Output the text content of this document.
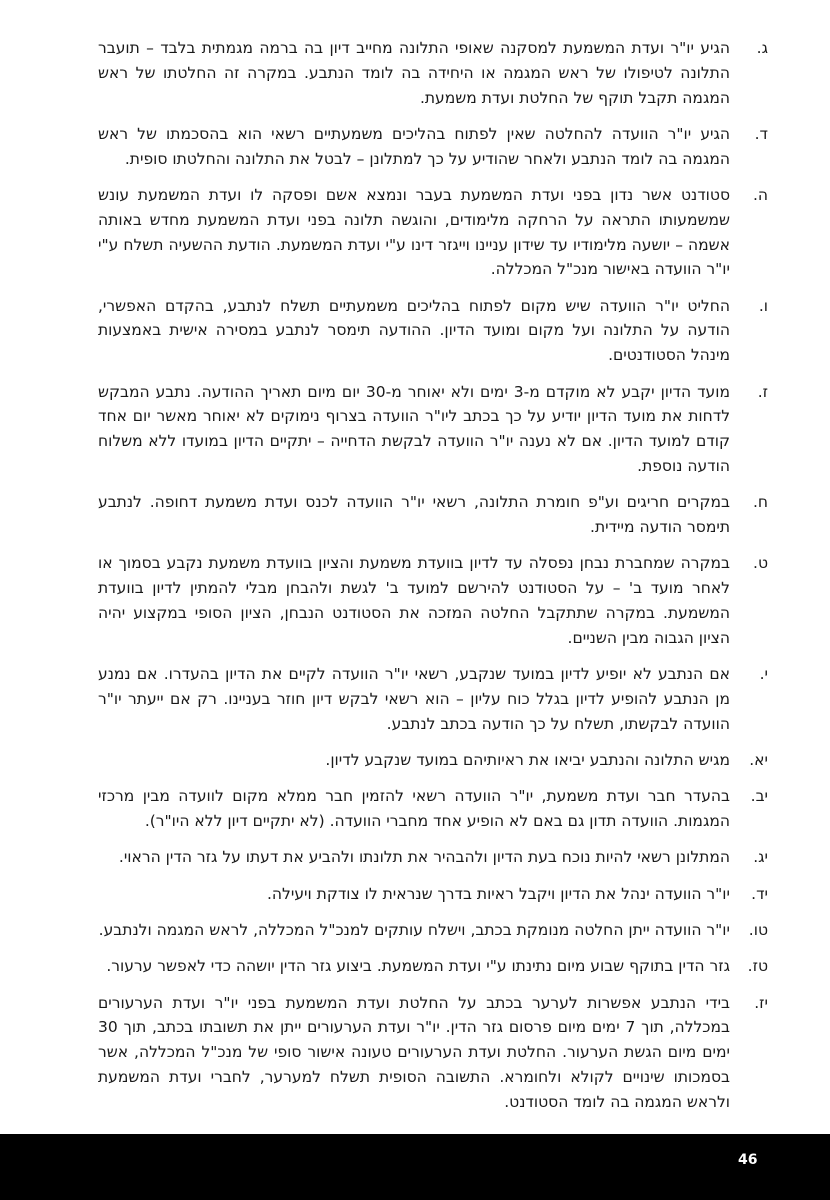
ג.
הגיע יו"ר ועדת המשמעת למסקנה שאופי התלונה מחייב דיון בה ברמה מגמתית בלבד – תועבר התלונה לטיפולו של ראש המגמה או היחידה בה לומד הנתבע. במקרה זה החלטתו של ראש המגמה תקבל תוקף של החלטת ועדת משמעת.
ד.
הגיע יו"ר הוועדה להחלטה שאין לפתוח בהליכים משמעתיים רשאי הוא בהסכמתו של ראש המגמה בה לומד הנתבע ולאחר שהודיע על כך למתלונן – לבטל את התלונה והחלטתו סופית.
ה.
סטודנט אשר נדון בפני ועדת המשמעת בעבר ונמצא אשם ופסקה לו ועדת המשמעת עונש שמשמעותו התראה על הרחקה מלימודים, והוגשה תלונה בפני ועדת המשמעת מחדש באותה אשמה – יושעה מלימודיו עד שידון עניינו וייגזר דינו ע"י ועדת המשמעת. הודעת ההשעיה תשלח ע"י יו"ר הוועדה באישור מנכ"ל המכללה.
ו.
החליט יו"ר הוועדה שיש מקום לפתוח בהליכים משמעתיים תשלח לנתבע, בהקדם האפשרי, הודעה על התלונה ועל מקום ומועד הדיון. ההודעה תימסר לנתבע במסירה אישית באמצעות מינהל הסטודנטים.
ז.
מועד הדיון יקבע לא מוקדם מ-3 ימים ולא יאוחר מ-30 יום מיום תאריך ההודעה. נתבע המבקש לדחות את מועד הדיון יודיע על כך בכתב ליו"ר הוועדה בצרוף נימוקים לא יאוחר מאשר יום אחד קודם למועד הדיון. אם לא נענה יו"ר הוועדה לבקשת הדחייה – יתקיים הדיון במועדו ללא משלוח הודעה נוספת.
ח.
במקרים חריגים וע"פ חומרת התלונה, רשאי יו"ר הוועדה לכנס ועדת משמעת דחופה. לנתבע תימסר הודעה מיידית.
ט.
במקרה שמחברת נבחן נפסלה עד לדיון בוועדת משמעת והציון בוועדת משמעת נקבע בסמוך או לאחר מועד ב' – על הסטודנט להירשם למועד ב' לגשת ולהבחן מבלי להמתין לדיון בוועדת המשמעת. במקרה שתתקבל החלטה המזכה את הסטודנט הנבחן, הציון הסופי במקצוע יהיה הציון הגבוה מבין השניים.
י.
אם הנתבע לא יופיע לדיון במועד שנקבע, רשאי יו"ר הוועדה לקיים את הדיון בהעדרו. אם נמנע מן הנתבע להופיע לדיון בגלל כוח עליון – הוא רשאי לבקש דיון חוזר בעניינו. רק אם ייעתר יו"ר הוועדה לבקשתו, תשלח על כך הודעה בכתב לנתבע.
יא.
מגיש התלונה והנתבע יביאו את ראיותיהם במועד שנקבע לדיון.
יב.
בהעדר חבר ועדת משמעת, יו"ר הוועדה רשאי להזמין חבר ממלא מקום לוועדה מבין מרכזי המגמות. הוועדה תדון גם באם לא הופיע אחד מחברי הוועדה. (לא יתקיים דיון ללא היו"ר).
יג.
המתלונן רשאי להיות נוכח בעת הדיון ולהבהיר את תלונתו ולהביע את דעתו על גזר הדין הראוי.
יד.
יו"ר הוועדה ינהל את הדיון ויקבל ראיות בדרך שנראית לו צודקת ויעילה.
טו.
יו"ר הוועדה ייתן החלטה מנומקת בכתב, וישלח עותקים למנכ"ל המכללה, לראש המגמה ולנתבע.
טז.
גזר הדין בתוקף שבוע מיום נתינתו ע"י ועדת המשמעת. ביצוע גזר הדין יושהה כדי לאפשר ערעור.
יז.
בידי הנתבע אפשרות לערער בכתב על החלטת ועדת המשמעת בפני יו"ר ועדת הערעורים במכללה, תוך 7 ימים מיום פרסום גזר הדין. יו"ר ועדת הערעורים ייתן את תשובתו בכתב, תוך 30 ימים מיום הגשת הערעור. החלטת ועדת הערעורים טעונה אישור סופי של מנכ"ל המכללה, אשר בסמכותו שינויים לקולא ולחומרא. התשובה הסופית תשלח למערער, לחברי ועדת המשמעת ולראש המגמה בה לומד הסטודנט.
46
